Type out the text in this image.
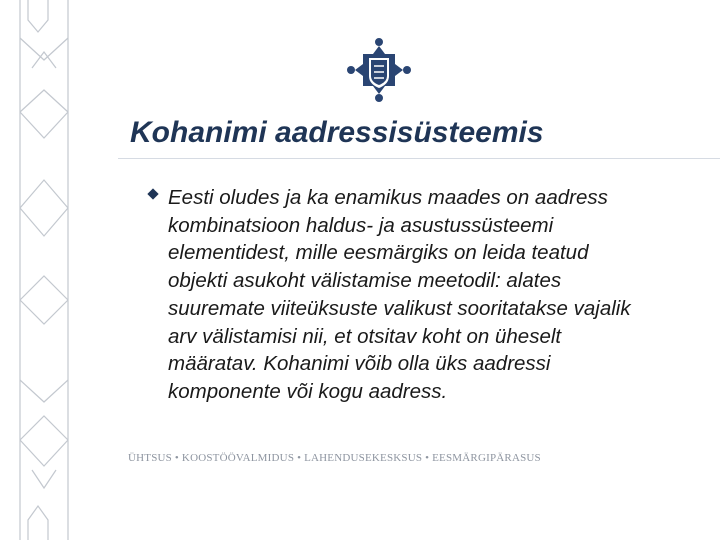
Kohanimi aadressisüsteemis

Eesti oludes ja ka enamikus maades on aadress kombinatsioon haldus- ja asustussüsteemi elementidest, mille eesmärgiks on leida teatud objekti asukoht välistamise meetodil: alates suuremate viiteüksuste valikust sooritatakse vajalik arv välistamisi nii, et otsitav koht on üheselt määratav. Kohanimi võib olla üks aadressi komponente või kogu aadress.

ÜHTSUS • KOOSTÖÖVALMIDUS • LAHENDUSEKESKSUS • EESMÄRGIPÄRASUS
